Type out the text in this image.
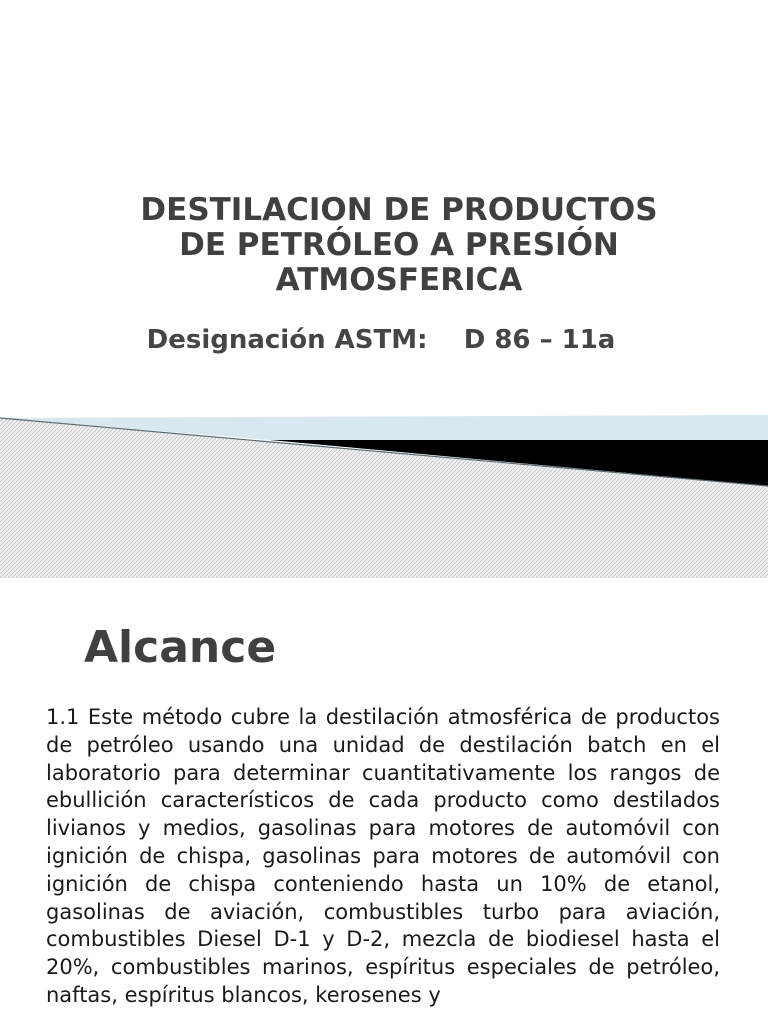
DESTILACION DE PRODUCTOS
DE PETRÓLEO A PRESIÓN
ATMOSFERICA
Designación ASTM:    D 86 – 11a
Alcance

1.1 Este método cubre la destilación atmosférica de productos de petróleo usando una unidad de destilación batch en el laboratorio para determinar cuantitativamente los rangos de ebullición característicos de cada producto como destilados livianos y medios, gasolinas para motores de automóvil con ignición de chispa, gasolinas para motores de automóvil con ignición de chispa conteniendo hasta un 10% de etanol, gasolinas de aviación, combustibles turbo para aviación, combustibles Diesel D-1 y D-2, mezcla de biodiesel hasta el 20%, combustibles marinos, espíritus especiales de petróleo, naftas, espíritus blancos, kerosenes y
